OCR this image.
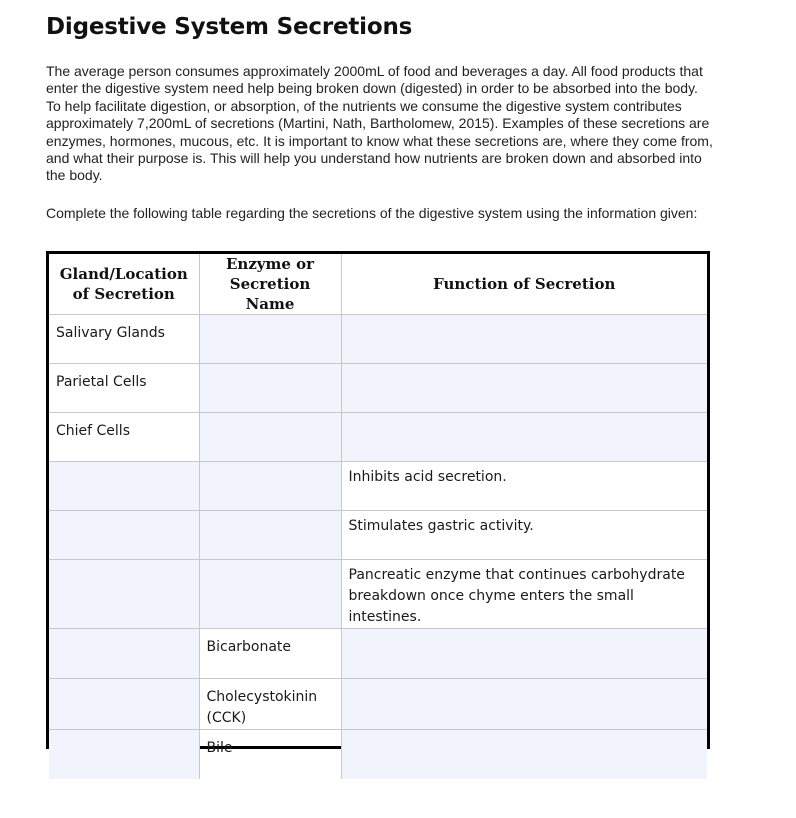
Digestive System Secretions
The average person consumes approximately 2000mL of food and beverages a day. All food products that enter the digestive system need help being broken down (digested) in order to be absorbed into the body. To help facilitate digestion, or absorption, of the nutrients we consume the digestive system contributes approximately 7,200mL of secretions (Martini, Nath, Bartholomew, 2015). Examples of these secretions are enzymes, hormones, mucous, etc. It is important to know what these secretions are, where they come from, and what their purpose is. This will help you understand how nutrients are broken down and absorbed into the body.
Complete the following table regarding the secretions of the digestive system using the information given:
Gland/Location of Secretion	Enzyme or Secretion Name	Function of Secretion

Salivary Glands		

Parietal Cells		

Chief Cells		

		Inhibits acid secretion.

		Stimulates gastric activity.

		Pancreatic enzyme that continues carbohydrate breakdown once chyme enters the small intestines.

	Bicarbonate	

	Cholecystokinin (CCK)	

	Bile	
